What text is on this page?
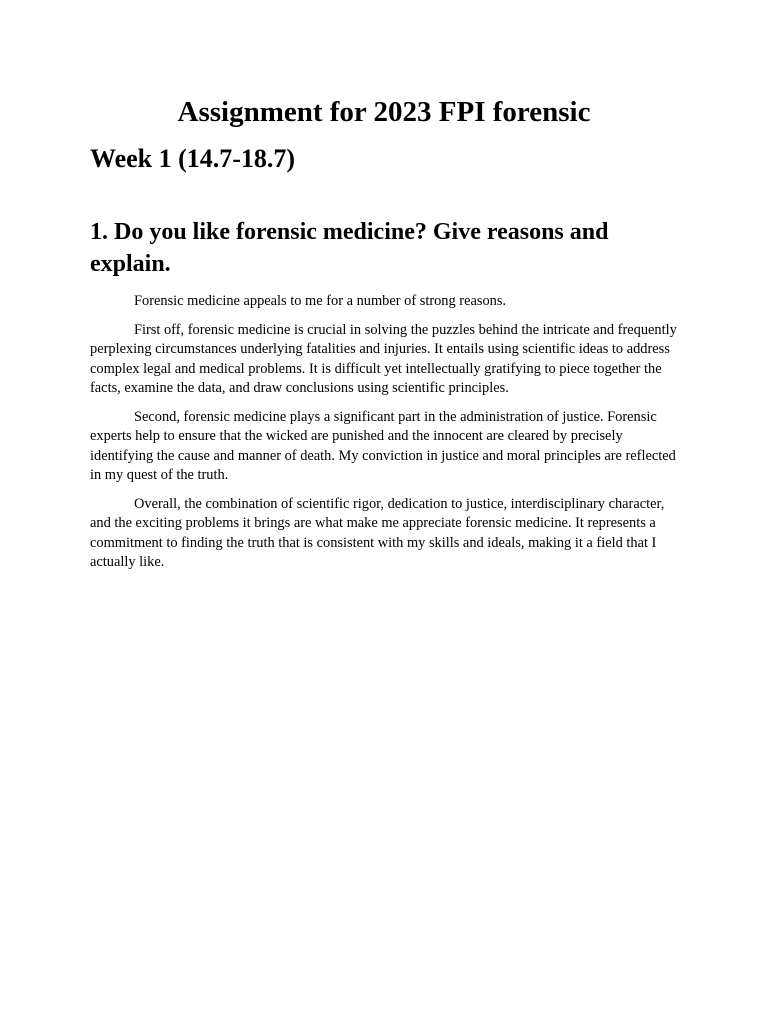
Assignment for 2023 FPI forensic
Week 1 (14.7-18.7)
1. Do you like forensic medicine? Give reasons and explain.

Forensic medicine appeals to me for a number of strong reasons.

First off, forensic medicine is crucial in solving the puzzles behind the intricate and frequently perplexing circumstances underlying fatalities and injuries. It entails using scientific ideas to address complex legal and medical problems. It is difficult yet intellectually gratifying to piece together the facts, examine the data, and draw conclusions using scientific principles.

Second, forensic medicine plays a significant part in the administration of justice. Forensic experts help to ensure that the wicked are punished and the innocent are cleared by precisely identifying the cause and manner of death. My conviction in justice and moral principles are reflected in my quest of the truth.

Overall, the combination of scientific rigor, dedication to justice, interdisciplinary character, and the exciting problems it brings are what make me appreciate forensic medicine. It represents a commitment to finding the truth that is consistent with my skills and ideals, making it a field that I actually like.
